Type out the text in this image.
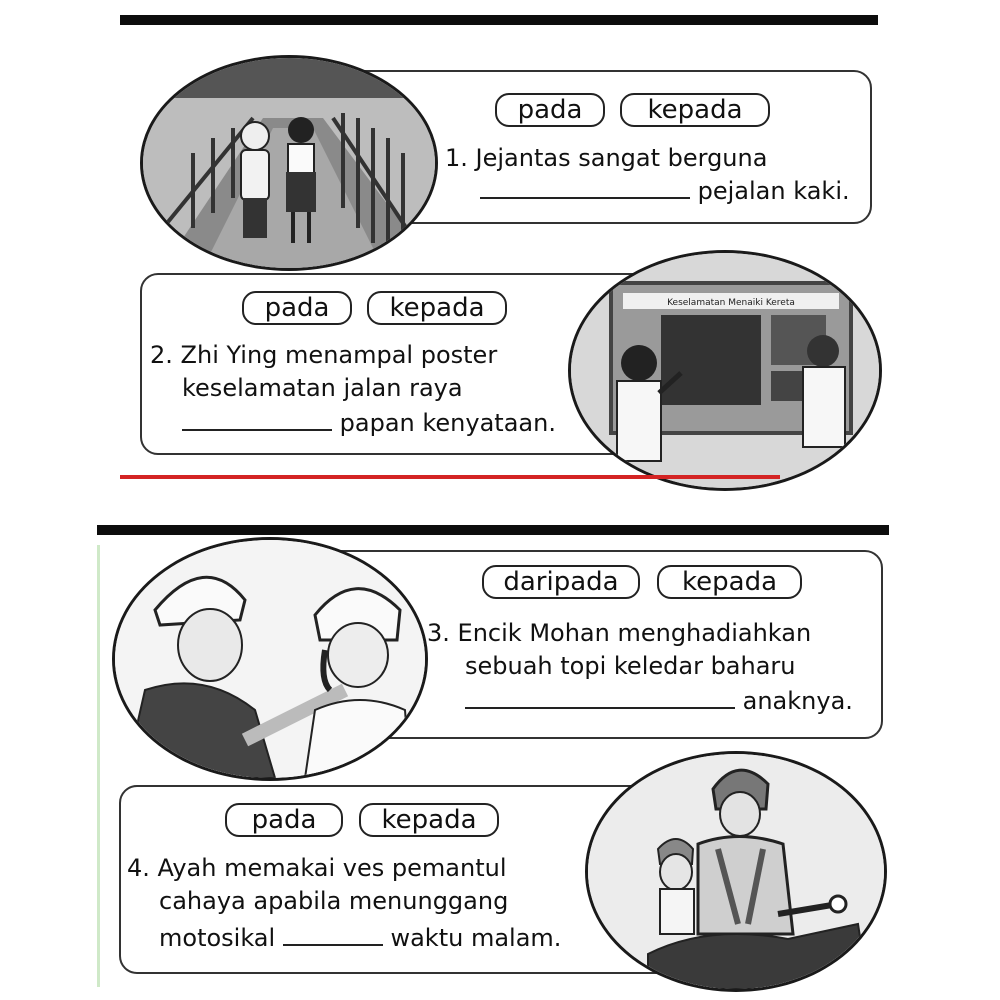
pada	kepada
1. Jejantas sangat berguna
pejalan kaki.
pada	kepada
2. Zhi Ying menampal poster
keselamatan jalan raya
papan kenyataan.
Keselamatan Menaiki Kereta
daripada	kepada
3. Encik Mohan menghadiahkan
sebuah topi keledar baharu
anaknya.
pada	kepada
4. Ayah memakai ves pemantul
cahaya apabila menunggang
motosikal	waktu malam.
